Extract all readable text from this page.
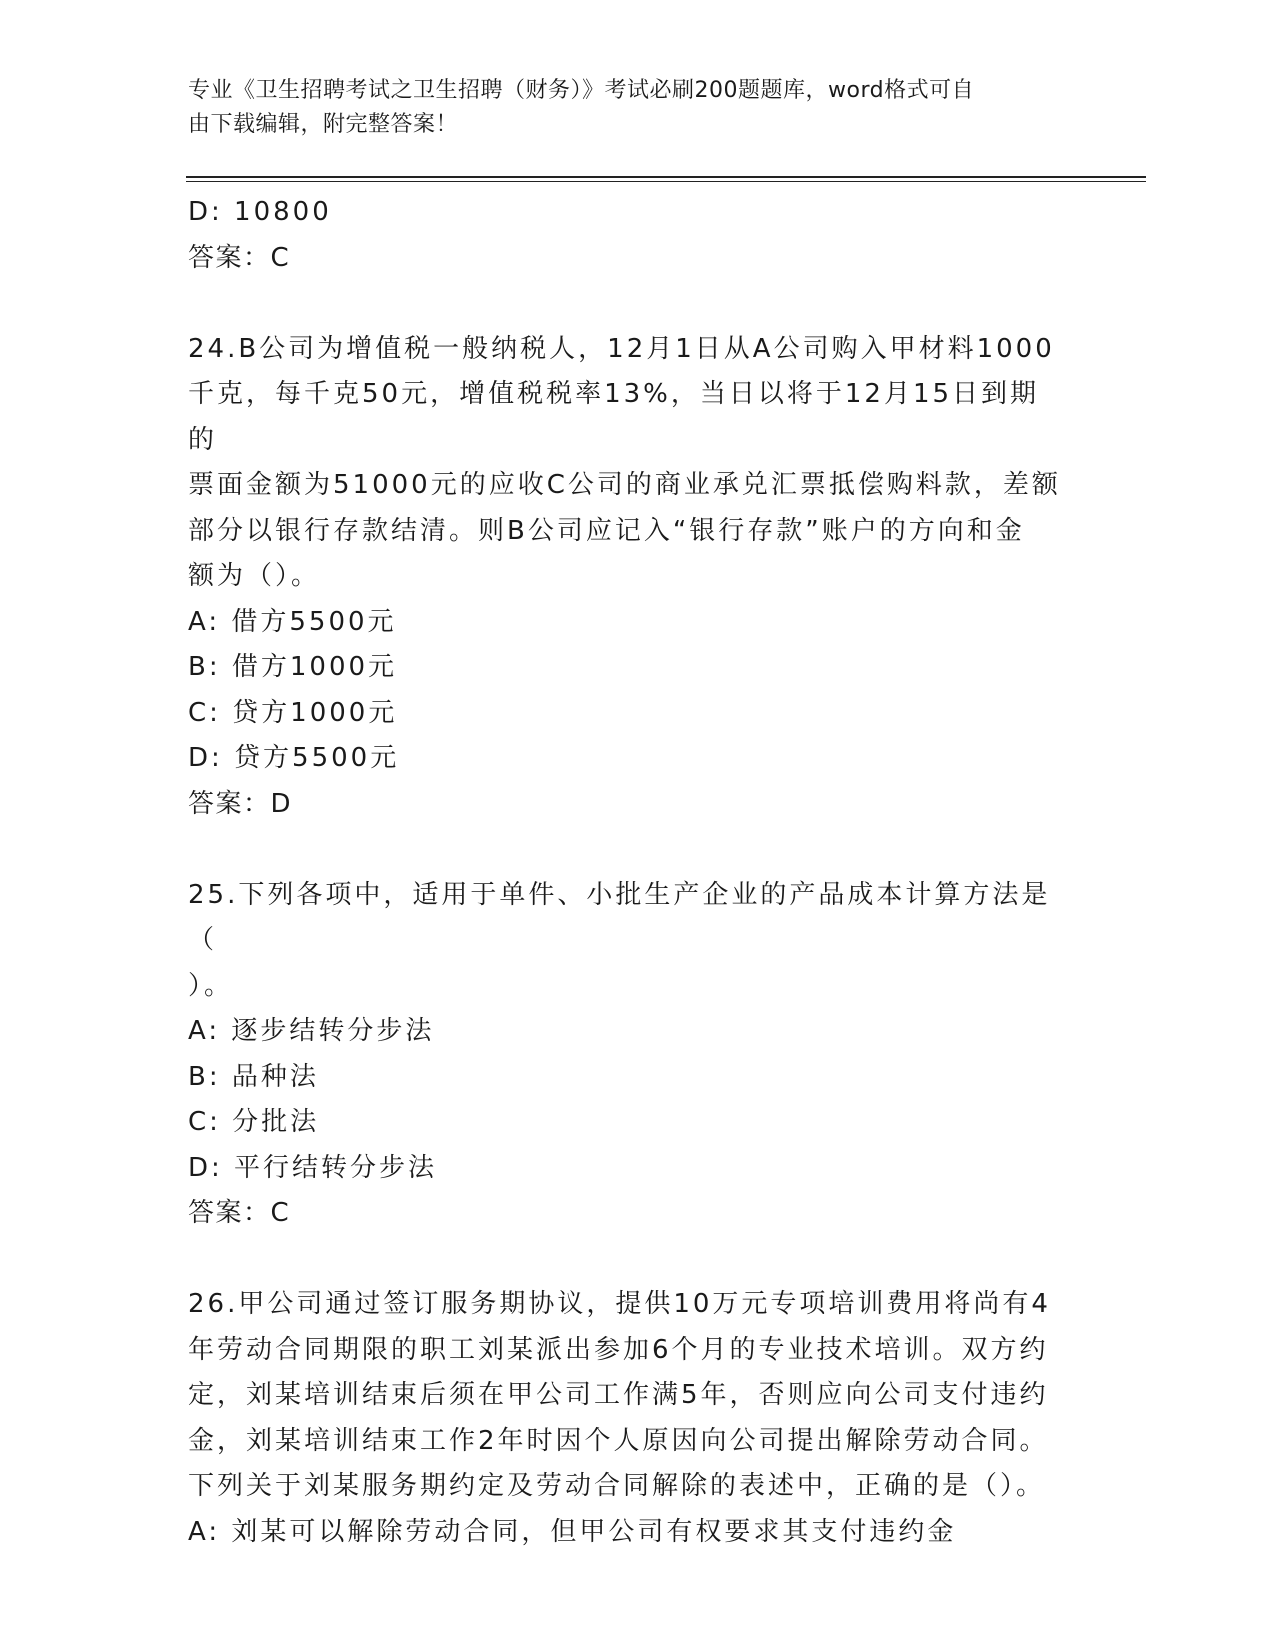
专业《卫生招聘考试之卫生招聘（财务）》考试必刷200题题库，word格式可自
由下载编辑，附完整答案！
D: 10800
答案：C
24.B公司为增值税一般纳税人，12月1日从A公司购入甲材料1000
千克，每千克50元，增值税税率13%，当日以将于12月15日到期的
票面金额为51000元的应收C公司的商业承兑汇票抵偿购料款，差额
部分以银行存款结清。则B公司应记入“银行存款”账户的方向和金
额为（）。
A: 借方5500元
B: 借方1000元
C: 贷方1000元
D: 贷方5500元
答案：D
25.下列各项中，适用于单件、小批生产企业的产品成本计算方法是（
）。
A: 逐步结转分步法
B: 品种法
C: 分批法
D: 平行结转分步法
答案：C
26.甲公司通过签订服务期协议，提供10万元专项培训费用将尚有4
年劳动合同期限的职工刘某派出参加6个月的专业技术培训。双方约
定，刘某培训结束后须在甲公司工作满5年，否则应向公司支付违约
金，刘某培训结束工作2年时因个人原因向公司提出解除劳动合同。
下列关于刘某服务期约定及劳动合同解除的表述中，正确的是（）。
A: 刘某可以解除劳动合同，但甲公司有权要求其支付违约金
